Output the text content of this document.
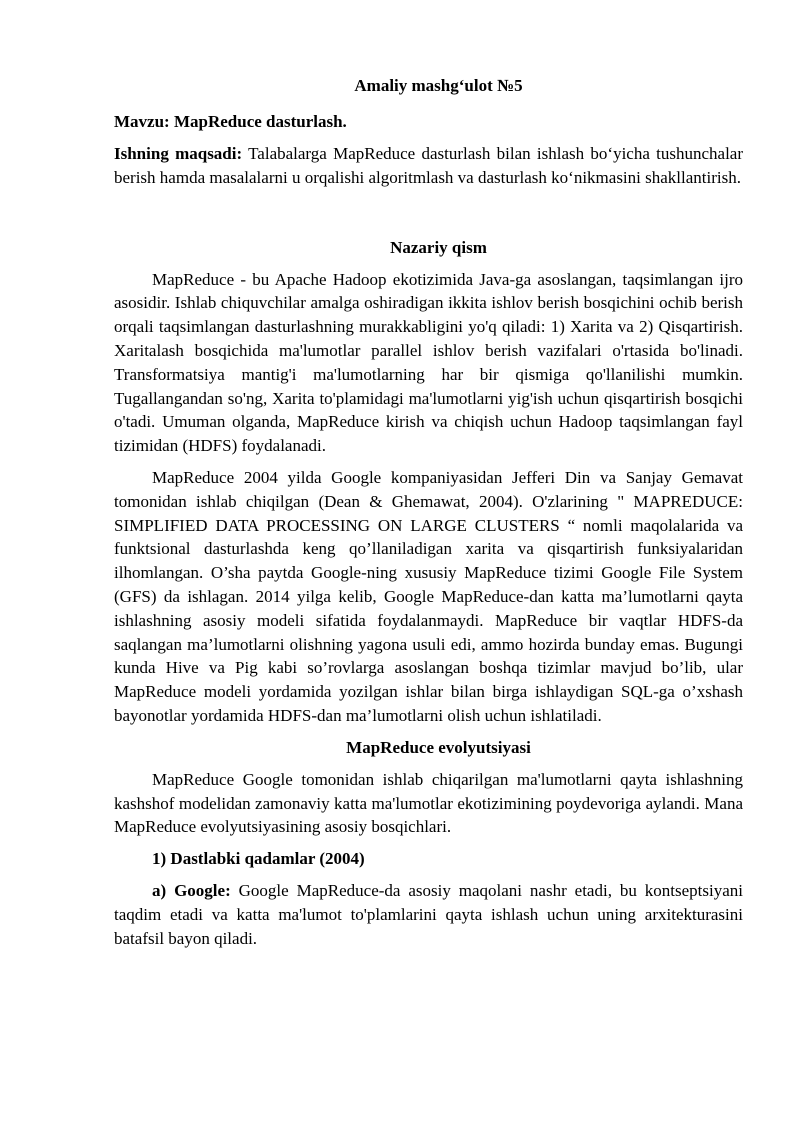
Amaliy mashg‘ulot №5
Mavzu: MapReduce dasturlash.

Ishning maqsadi: Talabalarga MapReduce dasturlash bilan ishlash bo‘yicha tushunchalar berish hamda masalalarni u orqalishi algoritmlash va dasturlash ko‘nikmasini shakllantirish.

Nazariy qism

MapReduce - bu Apache Hadoop ekotizimida Java-ga asoslangan, taqsimlangan ijro asosidir. Ishlab chiquvchilar amalga oshiradigan ikkita ishlov berish bosqichini ochib berish orqali taqsimlangan dasturlashning murakkabligini yo'q qiladi: 1) Xarita va 2) Qisqartirish. Xaritalash bosqichida ma'lumotlar parallel ishlov berish vazifalari o'rtasida bo'linadi. Transformatsiya mantig'i ma'lumotlarning har bir qismiga qo'llanilishi mumkin. Tugallangandan so'ng, Xarita to'plamidagi ma'lumotlarni yig'ish uchun qisqartirish bosqichi o'tadi. Umuman olganda, MapReduce kirish va chiqish uchun Hadoop taqsimlangan fayl tizimidan (HDFS) foydalanadi.

MapReduce 2004 yilda Google kompaniyasidan Jefferi Din va Sanjay Gemavat tomonidan ishlab chiqilgan (Dean & Ghemawat, 2004). O'zlarining " MAPREDUCE: SIMPLIFIED DATA PROCESSING ON LARGE CLUSTERS “ nomli maqolalarida va funktsional dasturlashda keng qo’llaniladigan xarita va qisqartirish funksiyalaridan ilhomlangan. O’sha paytda Google-ning xususiy MapReduce tizimi Google File System (GFS) da ishlagan. 2014 yilga kelib, Google MapReduce-dan katta ma’lumotlarni qayta ishlashning asosiy modeli sifatida foydalanmaydi. MapReduce bir vaqtlar HDFS-da saqlangan ma’lumotlarni olishning yagona usuli edi, ammo hozirda bunday emas. Bugungi kunda Hive va Pig kabi so’rovlarga asoslangan boshqa tizimlar mavjud bo’lib, ular MapReduce modeli yordamida yozilgan ishlar bilan birga ishlaydigan SQL-ga o’xshash bayonotlar yordamida HDFS-dan ma’lumotlarni olish uchun ishlatiladi.

MapReduce evolyutsiyasi

MapReduce Google tomonidan ishlab chiqarilgan ma'lumotlarni qayta ishlashning kashshof modelidan zamonaviy katta ma'lumotlar ekotizimining poydevoriga aylandi. Mana MapReduce evolyutsiyasining asosiy bosqichlari.

1) Dastlabki qadamlar (2004)

a) Google: Google MapReduce-da asosiy maqolani nashr etadi, bu kontseptsiyani taqdim etadi va katta ma'lumot to'plamlarini qayta ishlash uchun uning arxitekturasini batafsil bayon qiladi.
